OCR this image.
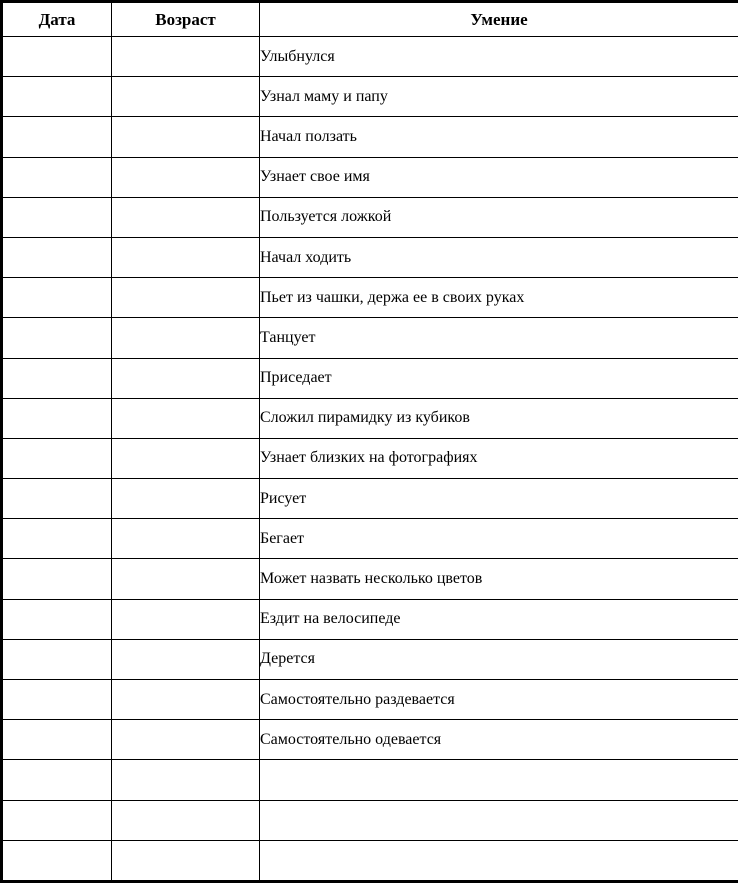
Дата	Возраст	Умение
		Улыбнулся
		Узнал маму и папу
		Начал ползать
		Узнает свое имя
		Пользуется ложкой
		Начал ходить
		Пьет из чашки, держа ее в своих руках
		Танцует
		Приседает
		Сложил пирамидку из кубиков
		Узнает близких на фотографиях
		Рисует
		Бегает
		Может назвать несколько цветов
		Ездит на велосипеде
		Дерется
		Самостоятельно раздевается
		Самостоятельно одевается
